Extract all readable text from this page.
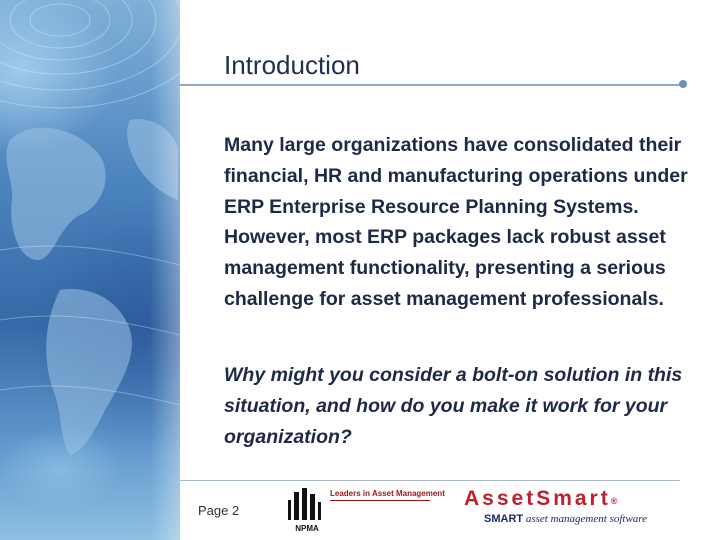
Introduction
Many large organizations have consolidated their financial, HR and manufacturing operations under ERP Enterprise Resource Planning Systems. However, most ERP packages lack robust asset management functionality, presenting a serious challenge for asset management professionals.
Why might you consider a bolt-on solution in this situation, and how do you make it work for your organization?
Page 2
NPMA
Leaders in Asset Management AssetSmart®
SMART asset management software
